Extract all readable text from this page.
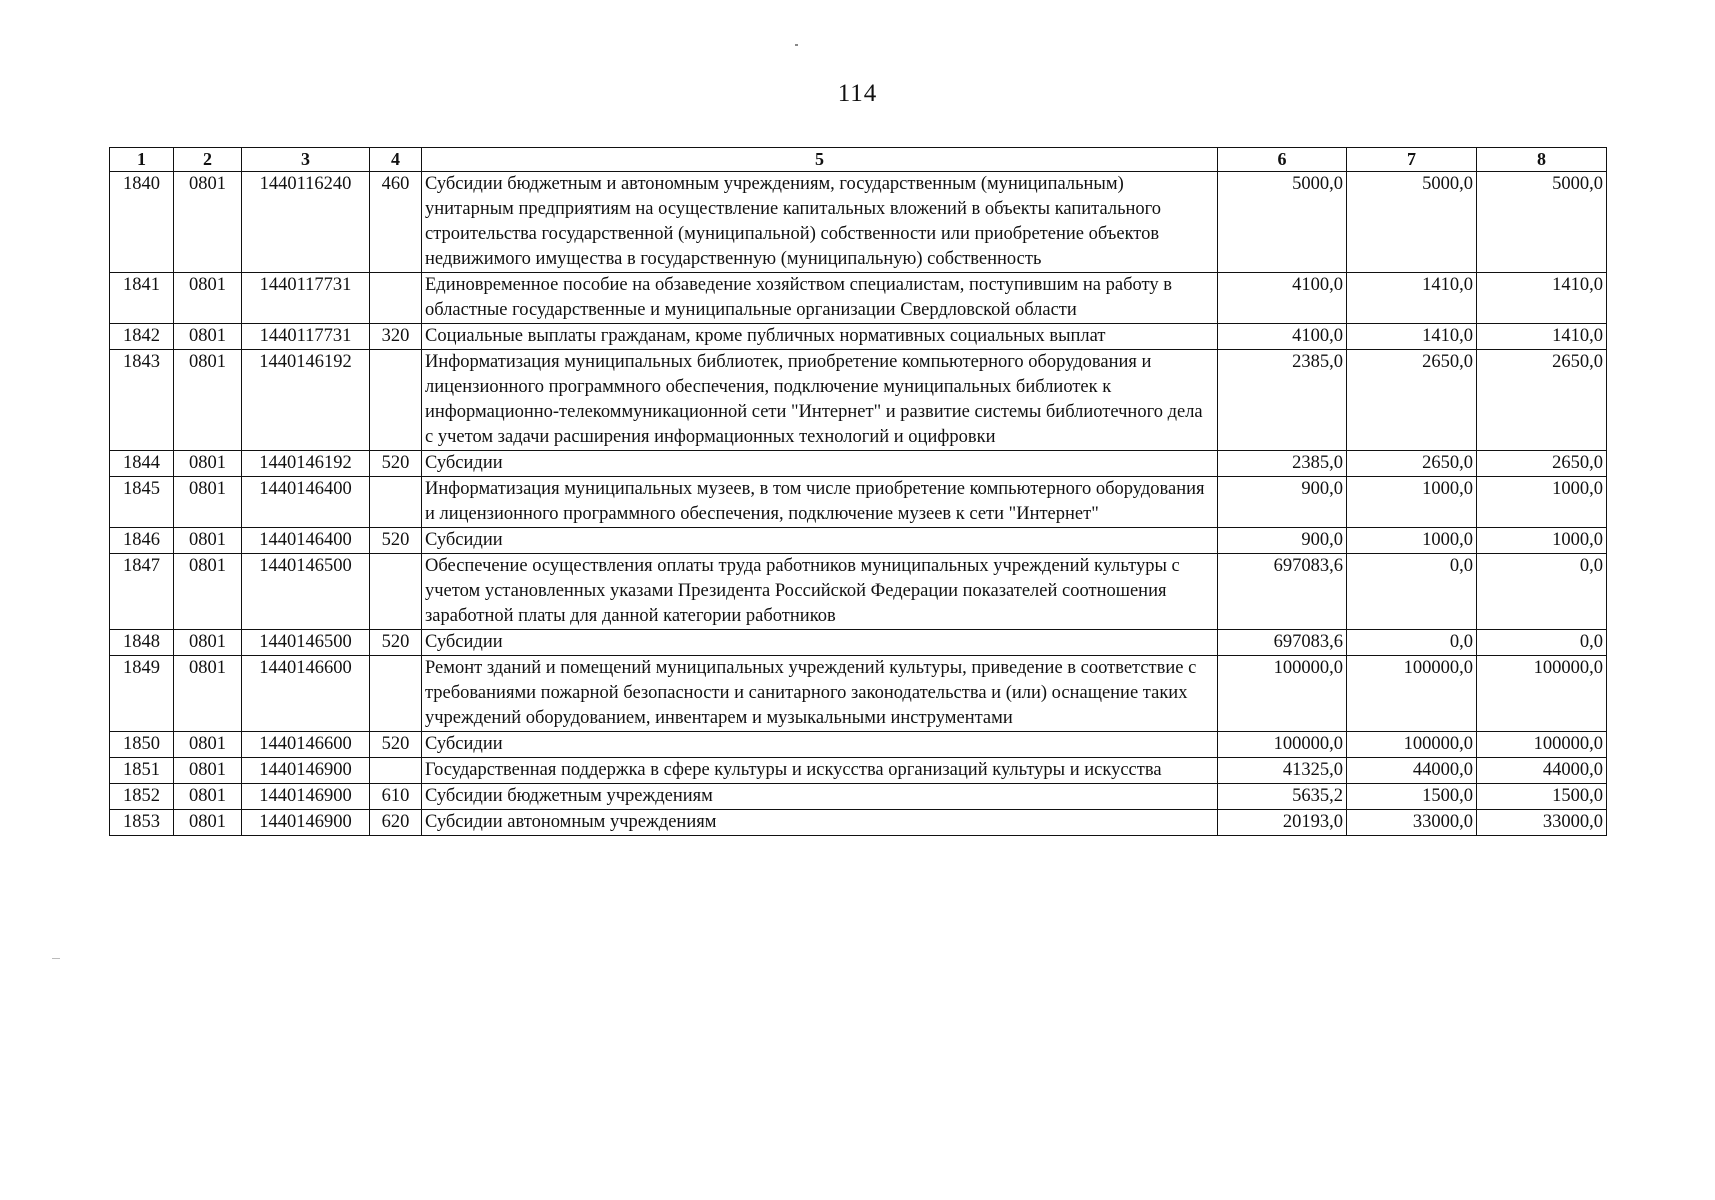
114
1	2	3	4	5	6	7	8
1840	0801	1440116240	460	Субсидии бюджетным и автономным учреждениям, государственным (муниципальным) унитарным предприятиям на осуществление капитальных вложений в объекты капитального строительства государственной (муниципальной) собственности или приобретение объектов недвижимого имущества в государственную (муниципальную) собственность	5000,0	5000,0	5000,0
1841	0801	1440117731		Единовременное пособие на обзаведение хозяйством специалистам, поступившим на работу в областные государственные и муниципальные организации Свердловской области	4100,0	1410,0	1410,0
1842	0801	1440117731	320	Социальные выплаты гражданам, кроме публичных нормативных социальных выплат	4100,0	1410,0	1410,0
1843	0801	1440146192		Информатизация муниципальных библиотек, приобретение компьютерного оборудования и лицензионного программного обеспечения, подключение муниципальных библиотек к информационно-телекоммуникационной сети "Интернет" и развитие системы библиотечного дела с учетом задачи расширения информационных технологий и оцифровки	2385,0	2650,0	2650,0
1844	0801	1440146192	520	Субсидии	2385,0	2650,0	2650,0
1845	0801	1440146400		Информатизация муниципальных музеев, в том числе приобретение компьютерного оборудования и лицензионного программного обеспечения, подключение музеев к сети "Интернет"	900,0	1000,0	1000,0
1846	0801	1440146400	520	Субсидии	900,0	1000,0	1000,0
1847	0801	1440146500		Обеспечение осуществления оплаты труда работников муниципальных учреждений культуры с учетом установленных указами Президента Российской Федерации показателей соотношения заработной платы для данной категории работников	697083,6	0,0	0,0
1848	0801	1440146500	520	Субсидии	697083,6	0,0	0,0
1849	0801	1440146600		Ремонт зданий и помещений муниципальных учреждений культуры, приведение в соответствие с требованиями пожарной безопасности и санитарного законодательства и (или) оснащение таких учреждений оборудованием, инвентарем и музыкальными инструментами	100000,0	100000,0	100000,0
1850	0801	1440146600	520	Субсидии	100000,0	100000,0	100000,0
1851	0801	1440146900		Государственная поддержка в сфере культуры и искусства организаций культуры и искусства	41325,0	44000,0	44000,0
1852	0801	1440146900	610	Субсидии бюджетным учреждениям	5635,2	1500,0	1500,0
1853	0801	1440146900	620	Субсидии автономным учреждениям	20193,0	33000,0	33000,0
